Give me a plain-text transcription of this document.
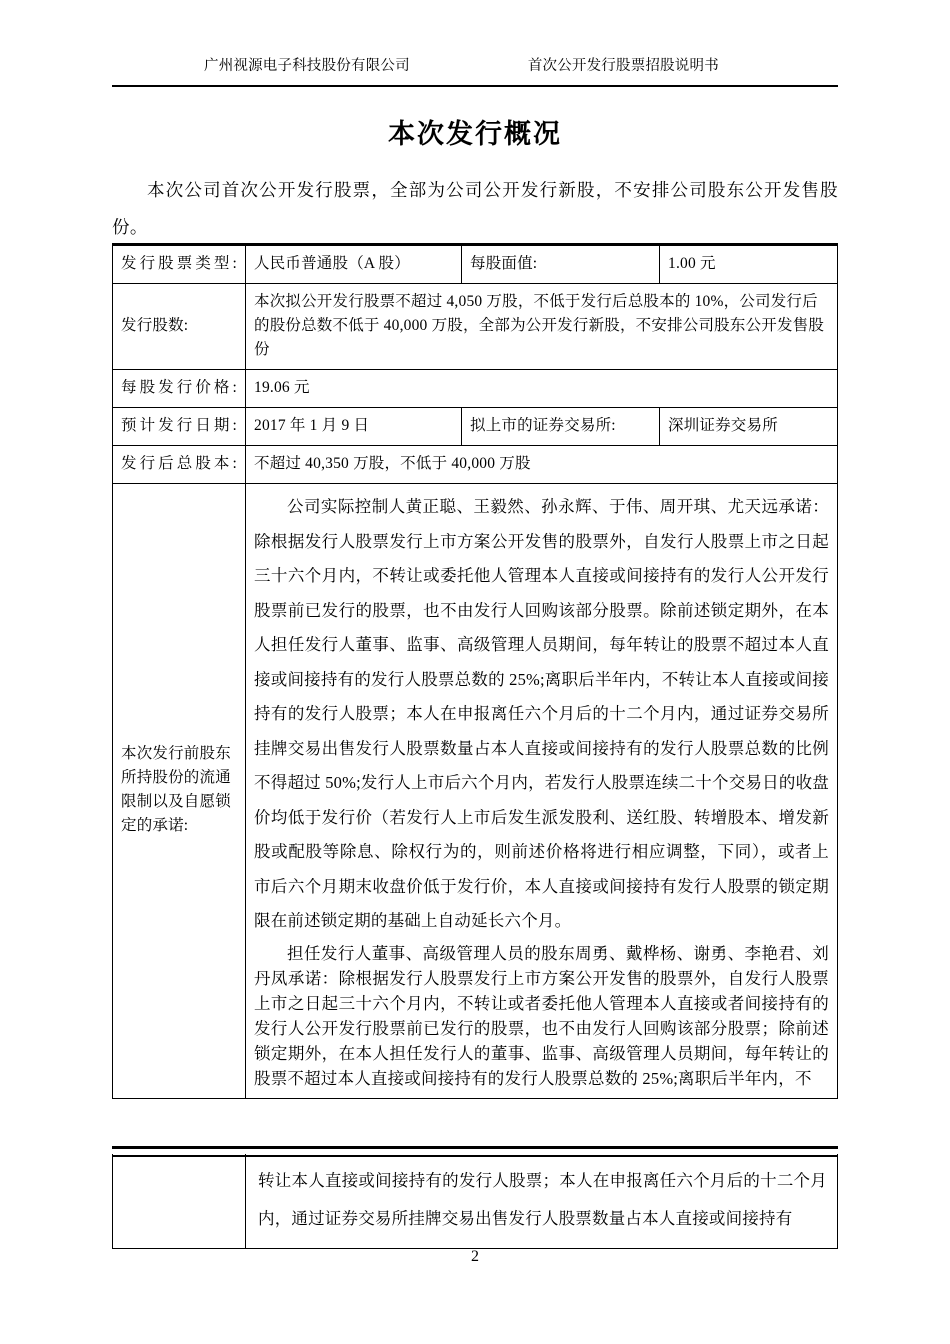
广州视源电子科技股份有限公司	首次公开发行股票招股说明书
本次发行概况
本次公司首次公开发行股票，全部为公司公开发行新股，不安排公司股东公开发售股份。
发行股票类型:	人民币普通股（A 股）	每股面值:	1.00 元
发行股数:	本次拟公开发行股票不超过 4,050 万股，不低于发行后总股本的 10%，公司发行后的股份总数不低于 40,000 万股，全部为公开发行新股，不安排公司股东公开发售股份		
每股发行价格:	19.06 元		
预计发行日期:	2017 年 1 月 9 日	拟上市的证券交易所:	深圳证券交易所
发行后总股本:	不超过 40,350 万股，不低于 40,000 万股		
本次发行前股东所持股份的流通限制以及自愿锁定的承诺:	公司实际控制人黄正聪、王毅然、孙永辉、于伟、周开琪、尤天远承诺：除根据发行人股票发行上市方案公开发售的股票外，自发行人股票上市之日起三十六个月内，不转让或委托他人管理本人直接或间接持有的发行人公开发行股票前已发行的股票，也不由发行人回购该部分股票。除前述锁定期外，在本人担任发行人董事、监事、高级管理人员期间，每年转让的股票不超过本人直接或间接持有的发行人股票总数的 25%;离职后半年内，不转让本人直接或间接持有的发行人股票；本人在申报离任六个月后的十二个月内，通过证券交易所挂牌交易出售发行人股票数量占本人直接或间接持有的发行人股票总数的比例不得超过 50%;发行人上市后六个月内，若发行人股票连续二十个交易日的收盘价均低于发行价（若发行人上市后发生派发股利、送红股、转增股本、增发新股或配股等除息、除权行为的，则前述价格将进行相应调整，下同），或者上市后六个月期末收盘价低于发行价，本人直接或间接持有发行人股票的锁定期限在前述锁定期的基础上自动延长六个月。

担任发行人董事、高级管理人员的股东周勇、戴桦杨、谢勇、李艳君、刘丹凤承诺：除根据发行人股票发行上市方案公开发售的股票外，自发行人股票上市之日起三十六个月内，不转让或者委托他人管理本人直接或者间接持有的发行人公开发行股票前已发行的股票，也不由发行人回购该部分股票；除前述锁定期外，在本人担任发行人的董事、监事、高级管理人员期间，每年转让的股票不超过本人直接或间接持有的发行人股票总数的 25%;离职后半年内，不		

	转让本人直接或间接持有的发行人股票；本人在申报离任六个月后的十二个月内，通过证券交易所挂牌交易出售发行人股票数量占本人直接或间接持有
2
